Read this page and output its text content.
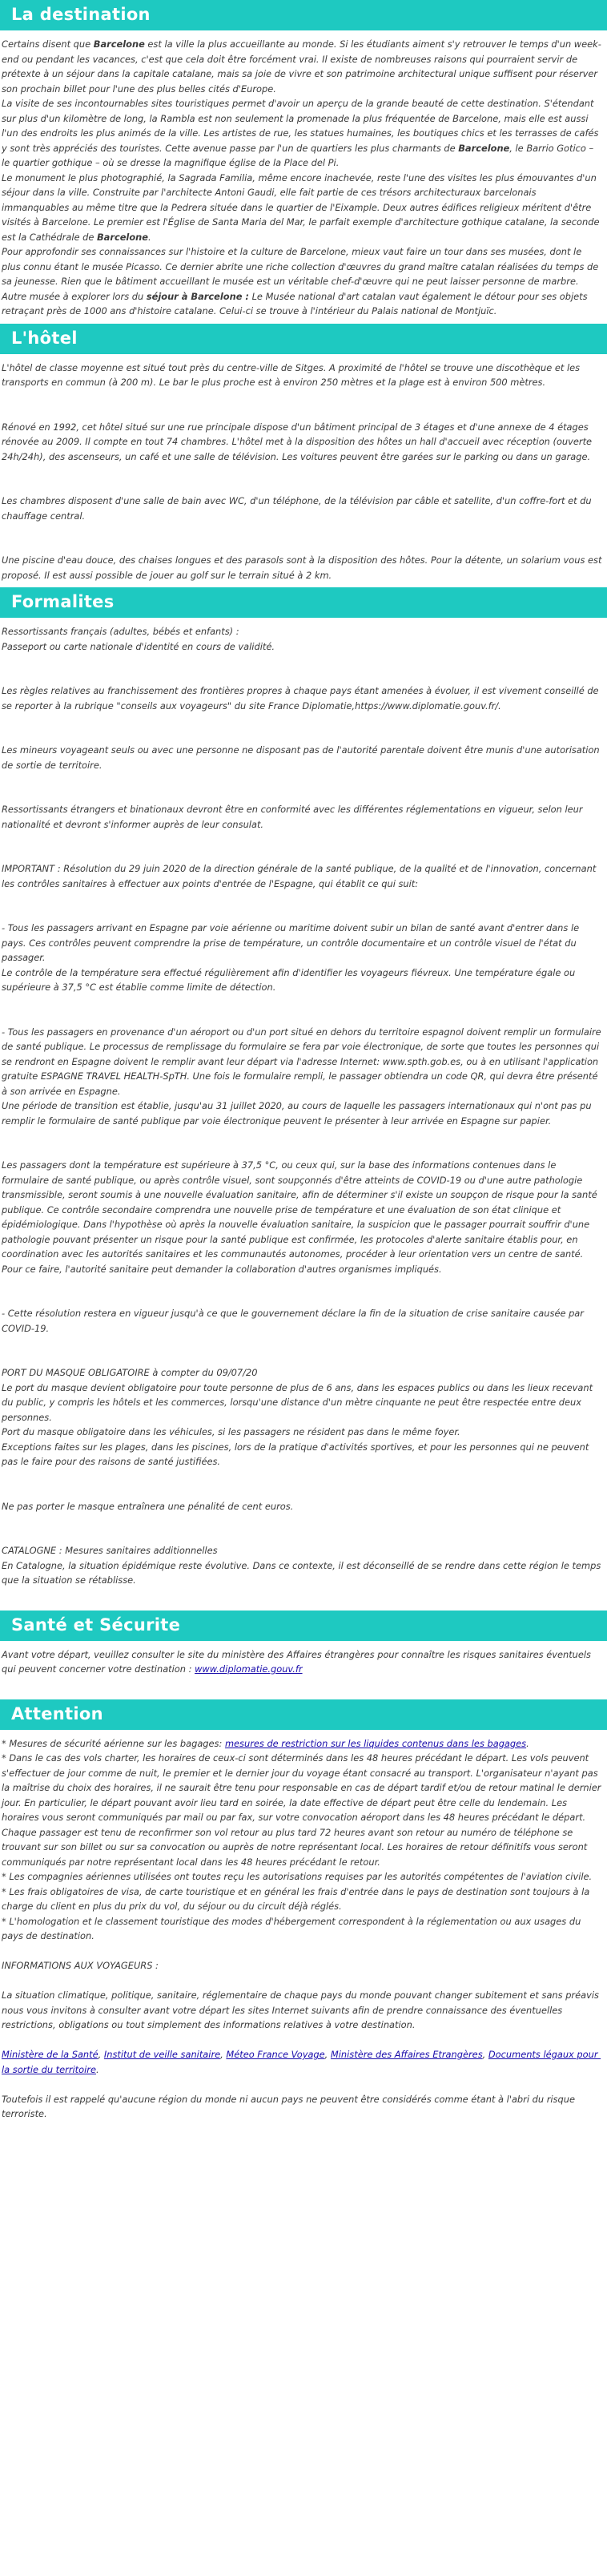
La destination

Certains disent que Barcelone est la ville la plus accueillante au monde. Si les étudiants aiment s'y retrouver le temps d'un week-end ou pendant les vacances, c'est que cela doit être forcément vrai. Il existe de nombreuses raisons qui pourraient servir de prétexte à un séjour dans la capitale catalane, mais sa joie de vivre et son patrimoine architectural unique suffisent pour réserver son prochain billet pour l'une des plus belles cités d'Europe.

La visite de ses incontournables sites touristiques permet d'avoir un aperçu de la grande beauté de cette destination. S'étendant sur plus d'un kilomètre de long, la Rambla est non seulement la promenade la plus fréquentée de Barcelone, mais elle est aussi l'un des endroits les plus animés de la ville. Les artistes de rue, les statues humaines, les boutiques chics et les terrasses de cafés y sont très appréciés des touristes. Cette avenue passe par l'un de quartiers les plus charmants de Barcelone, le Barrio Gotico – le quartier gothique – où se dresse la magnifique église de la Place del Pi.

Le monument le plus photographié, la Sagrada Familia, même encore inachevée, reste l'une des visites les plus émouvantes d'un séjour dans la ville. Construite par l'architecte Antoni Gaudi, elle fait partie de ces trésors architecturaux barcelonais immanquables au même titre que la Pedrera située dans le quartier de l'Eixample. Deux autres édifices religieux méritent d'être visités à Barcelone. Le premier est l'Église de Santa Maria del Mar, le parfait exemple d'architecture gothique catalane, la seconde est la Cathédrale de Barcelone.

Pour approfondir ses connaissances sur l'histoire et la culture de Barcelone, mieux vaut faire un tour dans ses musées, dont le plus connu étant le musée Picasso. Ce dernier abrite une riche collection d'œuvres du grand maître catalan réalisées du temps de sa jeunesse. Rien que le bâtiment accueillant le musée est un véritable chef-d'œuvre qui ne peut laisser personne de marbre. Autre musée à explorer lors du séjour à Barcelone : Le Musée national d'art catalan vaut également le détour pour ses objets retraçant près de 1000 ans d'histoire catalane. Celui-ci se trouve à l'intérieur du Palais national de Montjuïc.

L'hôtel

L'hôtel de classe moyenne est situé tout près du centre-ville de Sitges. A proximité de l'hôtel se trouve une discothèque et les transports en commun (à 200 m). Le bar le plus proche est à environ 250 mètres et la plage est à environ 500 mètres.

Rénové en 1992, cet hôtel situé sur une rue principale dispose d'un bâtiment principal de 3 étages et d'une annexe de 4 étages rénovée au 2009. Il compte en tout 74 chambres. L'hôtel met à la disposition des hôtes un hall d'accueil avec réception (ouverte 24h/24h), des ascenseurs, un café et une salle de télévision. Les voitures peuvent être garées sur le parking ou dans un garage.

Les chambres disposent d'une salle de bain avec WC, d'un téléphone, de la télévision par câble et satellite, d'un coffre-fort et du chauffage central.

Une piscine d'eau douce, des chaises longues et des parasols sont à la disposition des hôtes. Pour la détente, un solarium vous est proposé. Il est aussi possible de jouer au golf sur le terrain situé à 2 km.

Formalites

Ressortissants français (adultes, bébés et enfants) :

Passeport ou carte nationale d'identité en cours de validité.

Les règles relatives au franchissement des frontières propres à chaque pays étant amenées à évoluer, il est vivement conseillé de se reporter à la rubrique "conseils aux voyageurs" du site France Diplomatie,https://www.diplomatie.gouv.fr/.

Les mineurs voyageant seuls ou avec une personne ne disposant pas de l'autorité parentale doivent être munis d'une autorisation de sortie de territoire.

Ressortissants étrangers et binationaux devront être en conformité avec les différentes réglementations en vigueur, selon leur nationalité et devront s'informer auprès de leur consulat.

IMPORTANT : Résolution du 29 juin 2020 de la direction générale de la santé publique, de la qualité et de l'innovation, concernant les contrôles sanitaires à effectuer aux points d'entrée de l'Espagne, qui établit ce qui suit:

- Tous les passagers arrivant en Espagne par voie aérienne ou maritime doivent subir un bilan de santé avant d'entrer dans le pays. Ces contrôles peuvent comprendre la prise de température, un contrôle documentaire et un contrôle visuel de l'état du passager.

Le contrôle de la température sera effectué régulièrement afin d'identifier les voyageurs fiévreux. Une température égale ou supérieure à 37,5 °C est établie comme limite de détection.

- Tous les passagers en provenance d'un aéroport ou d'un port situé en dehors du territoire espagnol doivent remplir un formulaire de santé publique. Le processus de remplissage du formulaire se fera par voie électronique, de sorte que toutes les personnes qui se rendront en Espagne doivent le remplir avant leur départ via l'adresse Internet: www.spth.gob.es, ou à en utilisant l'application gratuite ESPAGNE TRAVEL HEALTH-SpTH. Une fois le formulaire rempli, le passager obtiendra un code QR, qui devra être présenté à son arrivée en Espagne.

Une période de transition est établie, jusqu'au 31 juillet 2020, au cours de laquelle les passagers internationaux qui n'ont pas pu remplir le formulaire de santé publique par voie électronique peuvent le présenter à leur arrivée en Espagne sur papier.

Les passagers dont la température est supérieure à 37,5 °C, ou ceux qui, sur la base des informations contenues dans le formulaire de santé publique, ou après contrôle visuel, sont soupçonnés d'être atteints de COVID-19 ou d'une autre pathologie transmissible, seront soumis à une nouvelle évaluation sanitaire, afin de déterminer s'il existe un soupçon de risque pour la santé publique. Ce contrôle secondaire comprendra une nouvelle prise de température et une évaluation de son état clinique et épidémiologique. Dans l'hypothèse où après la nouvelle évaluation sanitaire, la suspicion que le passager pourrait souffrir d'une pathologie pouvant présenter un risque pour la santé publique est confirmée, les protocoles d'alerte sanitaire établis pour, en coordination avec les autorités sanitaires et les communautés autonomes, procéder à leur orientation vers un centre de santé. Pour ce faire, l'autorité sanitaire peut demander la collaboration d'autres organismes impliqués.

- Cette résolution restera en vigueur jusqu'à ce que le gouvernement déclare la fin de la situation de crise sanitaire causée par COVID-19.

PORT DU MASQUE OBLIGATOIRE à compter du 09/07/20

Le port du masque devient obligatoire pour toute personne de plus de 6 ans, dans les espaces publics ou dans les lieux recevant du public, y compris les hôtels et les commerces, lorsqu'une distance d'un mètre cinquante ne peut être respectée entre deux personnes.

Port du masque obligatoire dans les véhicules, si les passagers ne résident pas dans le même foyer.

Exceptions faites sur les plages, dans les piscines, lors de la pratique d'activités sportives, et pour les personnes qui ne peuvent pas le faire pour des raisons de santé justifiées.

Ne pas porter le masque entraînera une pénalité de cent euros.

CATALOGNE : Mesures sanitaires additionnelles

En Catalogne, la situation épidémique reste évolutive. Dans ce contexte, il est déconseillé de se rendre dans cette région le temps que la situation se rétablisse.

Santé et Sécurite

Avant votre départ, veuillez consulter le site du ministère des Affaires étrangères pour connaître les risques sanitaires éventuels qui peuvent concerner votre destination : www.diplomatie.gouv.fr

Attention

* Mesures de sécurité aérienne sur les bagages: mesures de restriction sur les liquides contenus dans les bagages.

* Dans le cas des vols charter, les horaires de ceux-ci sont déterminés dans les 48 heures précédant le départ. Les vols peuvent s'effectuer de jour comme de nuit, le premier et le dernier jour du voyage étant consacré au transport. L'organisateur n'ayant pas la maîtrise du choix des horaires, il ne saurait être tenu pour responsable en cas de départ tardif et/ou de retour matinal le dernier jour. En particulier, le départ pouvant avoir lieu tard en soirée, la date effective de départ peut être celle du lendemain. Les horaires vous seront communiqués par mail ou par fax, sur votre convocation aéroport dans les 48 heures précédant le départ. Chaque passager est tenu de reconfirmer son vol retour au plus tard 72 heures avant son retour au numéro de téléphone se trouvant sur son billet ou sur sa convocation ou auprès de notre représentant local. Les horaires de retour définitifs vous seront communiqués par notre représentant local dans les 48 heures précédant le retour.

* Les compagnies aériennes utilisées ont toutes reçu les autorisations requises par les autorités compétentes de l'aviation civile.

* Les frais obligatoires de visa, de carte touristique et en général les frais d'entrée dans le pays de destination sont toujours à la charge du client en plus du prix du vol, du séjour ou du circuit déjà réglés.

* L'homologation et le classement touristique des modes d'hébergement correspondent à la réglementation ou aux usages du pays de destination.

INFORMATIONS AUX VOYAGEURS :

La situation climatique, politique, sanitaire, réglementaire de chaque pays du monde pouvant changer subitement et sans préavis nous vous invitons à consulter avant votre départ les sites Internet suivants afin de prendre connaissance des éventuelles restrictions, obligations ou tout simplement des informations relatives à votre destination.

Ministère de la Santé, Institut de veille sanitaire, Méteo France Voyage, Ministère des Affaires Etrangères, Documents légaux pour la sortie du territoire.

Toutefois il est rappelé qu'aucune région du monde ni aucun pays ne peuvent être considérés comme étant à l'abri du risque terroriste.
